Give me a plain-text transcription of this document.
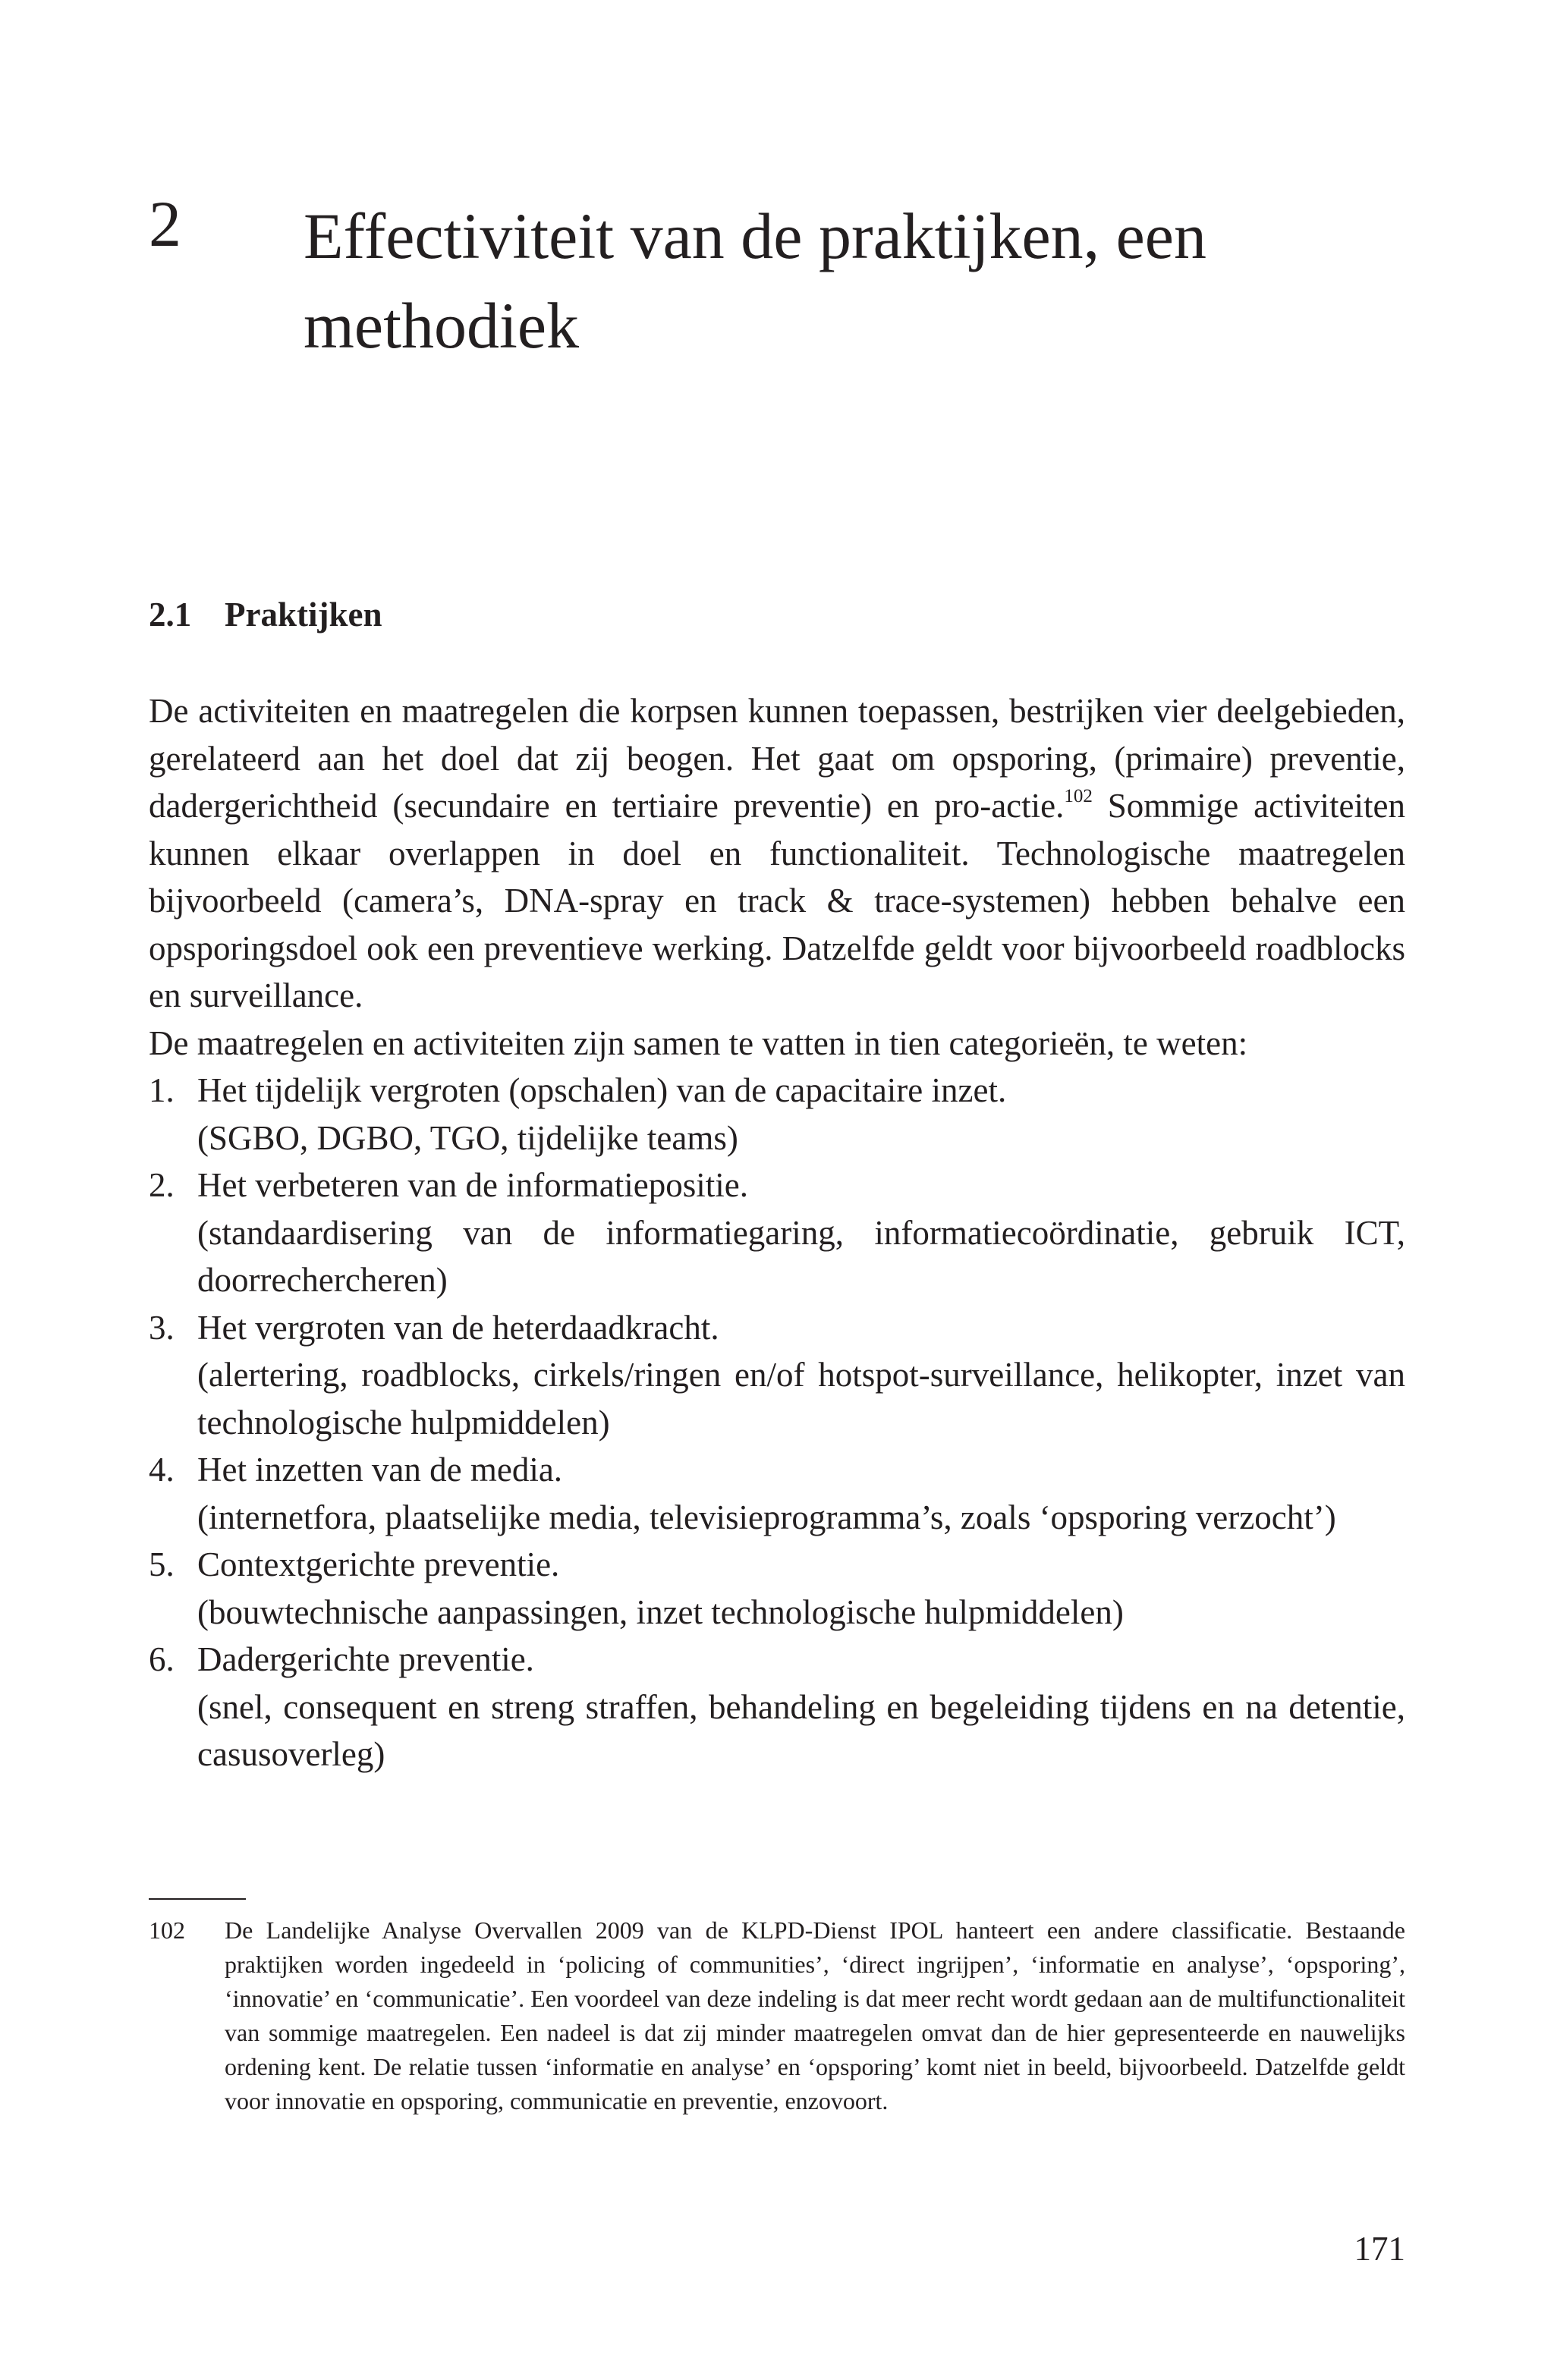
2 Effectiviteit van de praktijken, een methodiek
2.1 Praktijken

De activiteiten en maatregelen die korpsen kunnen toepassen, bestrijken vier deelgebieden, gerelateerd aan het doel dat zij beogen. Het gaat om opsporing, (primaire) preventie, dadergerichtheid (secundaire en tertiaire preventie) en pro-actie.$^{102}$ Sommige activiteiten kunnen elkaar overlappen in doel en functionaliteit. Technologische maatregelen bijvoorbeeld (camera’s, DNA-spray en track & trace-systemen) hebben behalve een opsporingsdoel ook een preventieve werking. Datzelfde geldt voor bijvoorbeeld roadblocks en surveillance.

De maatregelen en activiteiten zijn samen te vatten in tien categorieën, te weten:

1. Het tijdelijk vergroten (opschalen) van de capacitaire inzet.
(SGBO, DGBO, TGO, tijdelijke teams)
2. Het verbeteren van de informatiepositie.
(standaardisering van de informatiegaring, informatiecoördinatie, gebruik ICT, doorrechercheren)
3. Het vergroten van de heterdaadkracht.
(alertering, roadblocks, cirkels/ringen en/of hotspot-surveillance, helikopter, inzet van technologische hulpmiddelen)
4. Het inzetten van de media.
(internetfora, plaatselijke media, televisieprogramma’s, zoals ‘opsporing verzocht’)
5. Contextgerichte preventie.
(bouwtechnische aanpassingen, inzet technologische hulpmiddelen)
6. Dadergerichte preventie.
(snel, consequent en streng straffen, behandeling en begeleiding tijdens en na detentie, casusoverleg)
102 De Landelijke Analyse Overvallen 2009 van de KLPD-Dienst IPOL hanteert een andere classificatie. Bestaande praktijken worden ingedeeld in ‘policing of communities’, ‘direct ingrijpen’, ‘informatie en analyse’, ‘opsporing’, ‘innovatie’ en ‘communicatie’. Een voordeel van deze indeling is dat meer recht wordt gedaan aan de multifunctionaliteit van sommige maatregelen. Een nadeel is dat zij minder maatregelen omvat dan de hier gepresenteerde en nauwelijks ordening kent. De relatie tussen ‘informatie en analyse’ en ‘opsporing’ komt niet in beeld, bijvoorbeeld. Datzelfde geldt voor innovatie en opsporing, communicatie en preventie, enzovoort.
171
